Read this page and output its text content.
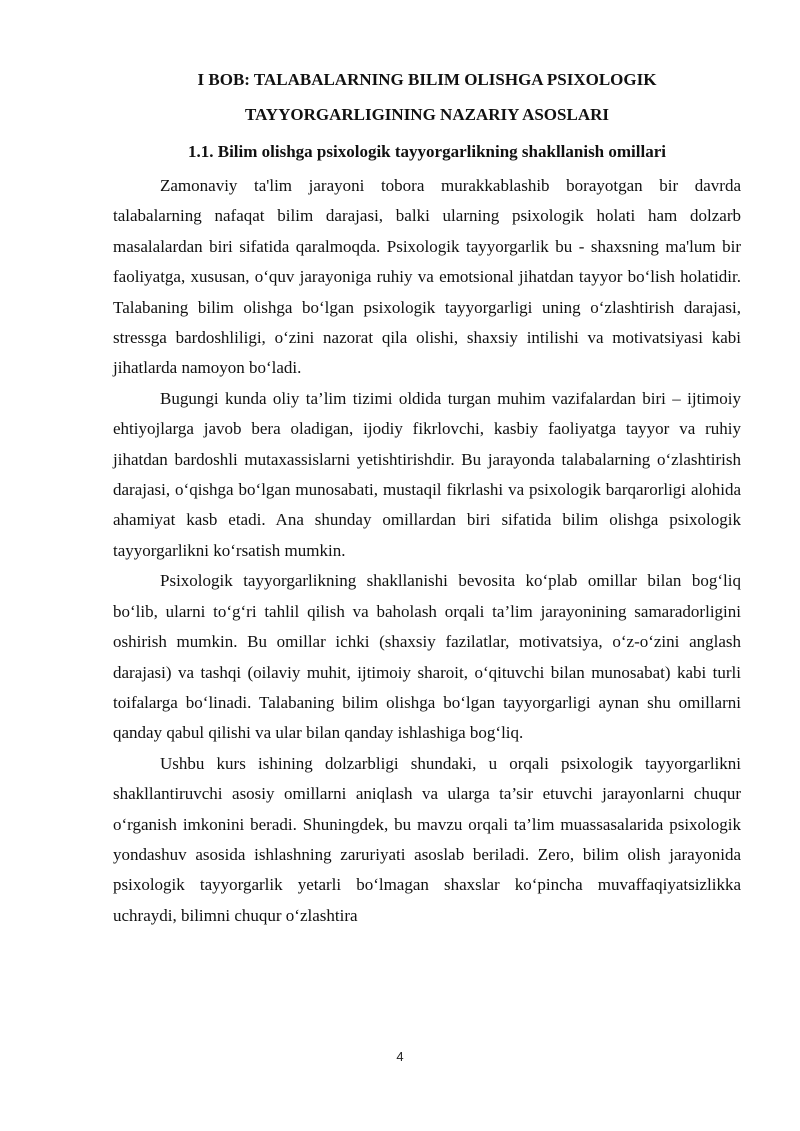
I BOB: TALABALARNING BILIM OLISHGA PSIXOLOGIK TAYYORGARLIGINING NAZARIY ASOSLARI
1.1. Bilim olishga psixologik tayyorgarlikning shakllanish omillari

Zamonaviy ta'lim jarayoni tobora murakkablashib borayotgan bir davrda talabalarning nafaqat bilim darajasi, balki ularning psixologik holati ham dolzarb masalalardan biri sifatida qaralmoqda. Psixologik tayyorgarlik bu - shaxsning ma'lum bir faoliyatga, xususan, o‘quv jarayoniga ruhiy va emotsional jihatdan tayyor bo‘lish holatidir. Talabaning bilim olishga bo‘lgan psixologik tayyorgarligi uning o‘zlashtirish darajasi, stressga bardoshliligi, o‘zini nazorat qila olishi, shaxsiy intilishi va motivatsiyasi kabi jihatlarda namoyon bo‘ladi.

Bugungi kunda oliy ta’lim tizimi oldida turgan muhim vazifalardan biri – ijtimoiy ehtiyojlarga javob bera oladigan, ijodiy fikrlovchi, kasbiy faoliyatga tayyor va ruhiy jihatdan bardoshli mutaxassislarni yetishtirishdir. Bu jarayonda talabalarning o‘zlashtirish darajasi, o‘qishga bo‘lgan munosabati, mustaqil fikrlashi va psixologik barqarorligi alohida ahamiyat kasb etadi. Ana shunday omillardan biri sifatida bilim olishga psixologik tayyorgarlikni ko‘rsatish mumkin.

Psixologik tayyorgarlikning shakllanishi bevosita ko‘plab omillar bilan bog‘liq bo‘lib, ularni to‘g‘ri tahlil qilish va baholash orqali ta’lim jarayonining samaradorligini oshirish mumkin. Bu omillar ichki (shaxsiy fazilatlar, motivatsiya, o‘z-o‘zini anglash darajasi) va tashqi (oilaviy muhit, ijtimoiy sharoit, o‘qituvchi bilan munosabat) kabi turli toifalarga bo‘linadi. Talabaning bilim olishga bo‘lgan tayyorgarligi aynan shu omillarni qanday qabul qilishi va ular bilan qanday ishlashiga bog‘liq.

Ushbu kurs ishining dolzarbligi shundaki, u orqali psixologik tayyorgarlikni shakllantiruvchi asosiy omillarni aniqlash va ularga ta’sir etuvchi jarayonlarni chuqur o‘rganish imkonini beradi. Shuningdek, bu mavzu orqali ta’lim muassasalarida psixologik yondashuv asosida ishlashning zaruriyati asoslab beriladi. Zero, bilim olish jarayonida psixologik tayyorgarlik yetarli bo‘lmagan shaxslar ko‘pincha muvaffaqiyatsizlikka uchraydi, bilimni chuqur o‘zlashtira

4
